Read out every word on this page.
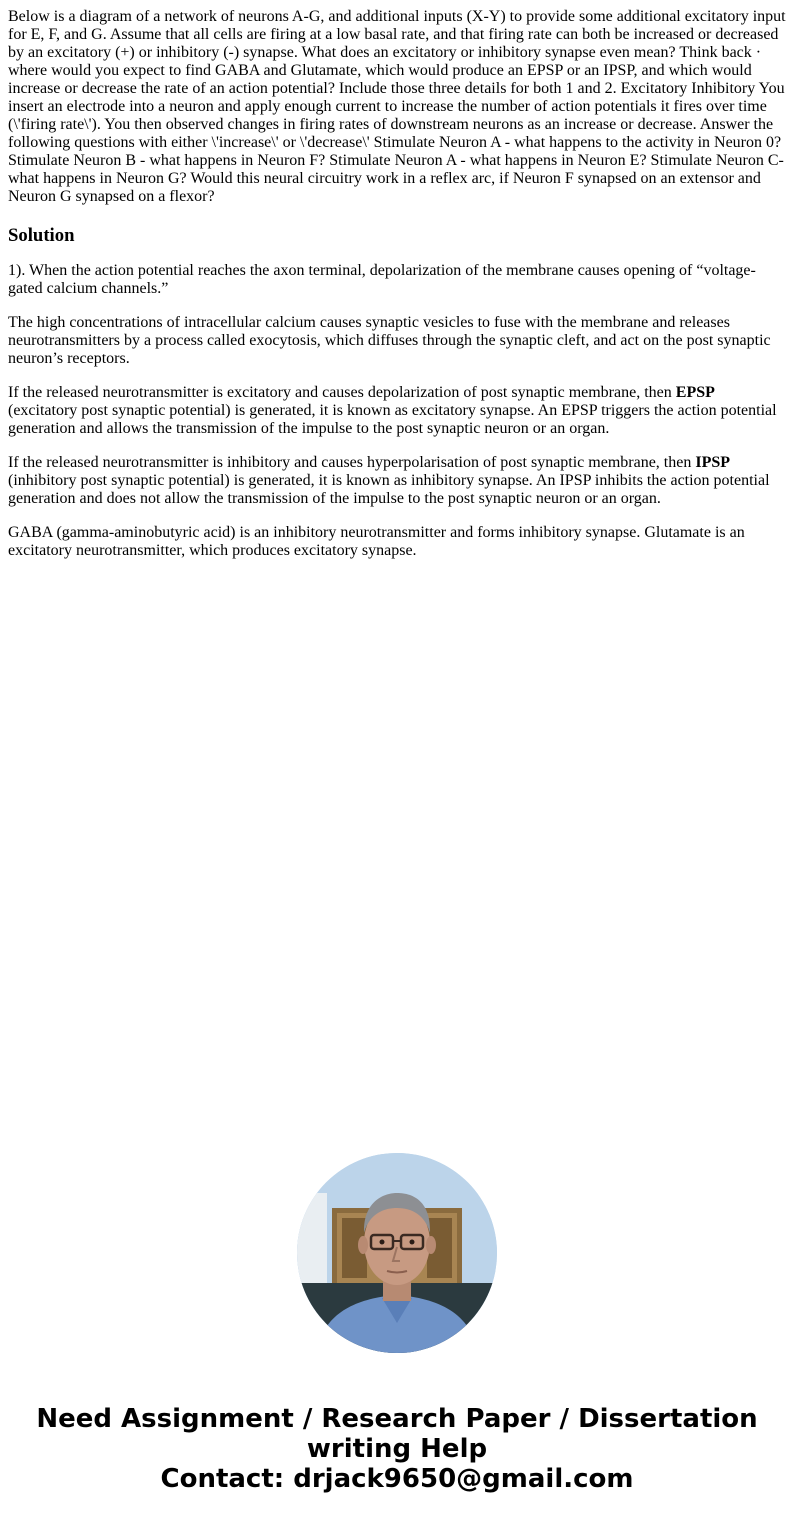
Below is a diagram of a network of neurons A-G, and additional inputs (X-Y) to provide some additional excitatory input for E, F, and G. Assume that all cells are firing at a low basal rate, and that firing rate can both be increased or decreased by an excitatory (+) or inhibitory (-) synapse. What does an excitatory or inhibitory synapse even mean? Think back · where would you expect to find GABA and Glutamate, which would produce an EPSP or an IPSP, and which would increase or decrease the rate of an action potential? Include those three details for both 1 and 2. Excitatory Inhibitory You insert an electrode into a neuron and apply enough current to increase the number of action potentials it fires over time (\'firing rate\'). You then observed changes in firing rates of downstream neurons as an increase or decrease. Answer the following questions with either \'increase\' or \'decrease\' Stimulate Neuron A - what happens to the activity in Neuron 0? Stimulate Neuron B - what happens in Neuron F? Stimulate Neuron A - what happens in Neuron E? Stimulate Neuron C- what happens in Neuron G? Would this neural circuitry work in a reflex arc, if Neuron F synapsed on an extensor and Neuron G synapsed on a flexor?

Solution

1). When the action potential reaches the axon terminal, depolarization of the membrane causes opening of “voltage-gated calcium channels.”

The high concentrations of intracellular calcium causes synaptic vesicles to fuse with the membrane and releases neurotransmitters by a process called exocytosis, which diffuses through the synaptic cleft, and act on the post synaptic neuron’s receptors.

If the released neurotransmitter is excitatory and causes depolarization of post synaptic membrane, then EPSP (excitatory post synaptic potential) is generated, it is known as excitatory synapse. An EPSP triggers the action potential generation and allows the transmission of the impulse to the post synaptic neuron or an organ.

If the released neurotransmitter is inhibitory and causes hyperpolarisation of post synaptic membrane, then IPSP (inhibitory post synaptic potential) is generated, it is known as inhibitory synapse. An IPSP inhibits the action potential generation and does not allow the transmission of the impulse to the post synaptic neuron or an organ.

GABA (gamma-aminobutyric acid) is an inhibitory neurotransmitter and forms inhibitory synapse. Glutamate is an excitatory neurotransmitter, which produces excitatory synapse.

Need Assignment / Research Paper / Dissertation
writing Help
Contact: drjack9650@gmail.com
